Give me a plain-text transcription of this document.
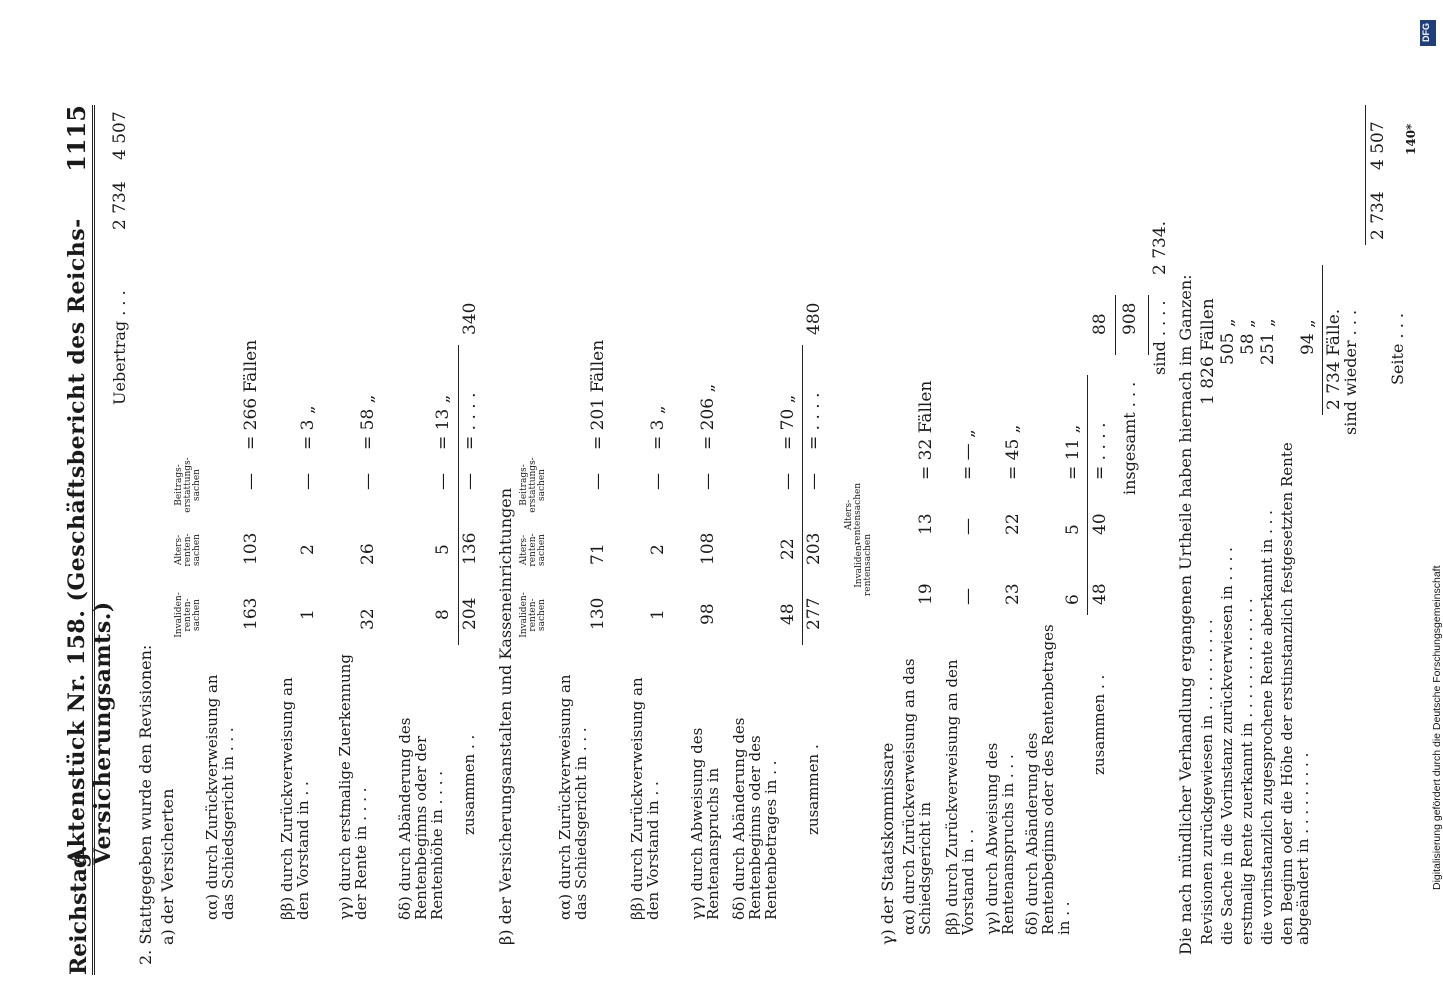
Reichstag.
Aktenstück Nr. 158. (Geschäftsbericht des Reichs-Versicherungsamts.)
1115
Uebertrag . . .
2 734
4 507
2. Stattgegeben wurde den Revisionen: a) der Versicherten
Invaliden- renten- sachen
Alters- renten- sachen
Beitrags- erstattungs- sachen
αα) durch Zurückverweisung an das Schiedsgericht in . . .
163
103
—
= 266 Fällen
ββ) durch Zurückverweisung an den Vorstand in . .
1
2
—
= 3 „
γγ) durch erstmalige Zuerkennung der Rente in . . . .
32
26
—
= 58 „
δδ) durch Abänderung des Rentenbeginns oder der Rentenhöhe in . . . .
8
5
—
= 13 „
zusammen . .
204
136
—
= . . . .
340
β) der Versicherungsanstalten und Kasseneinrichtungen Invaliden- renten- sachen
Alters- renten- sachen
Beitrags- erstattungs- sachen
αα) durch Zurückverweisung an das Schiedsgericht in . . .
130
71
—
= 201 Fällen
ββ) durch Zurückverweisung an den Vorstand in . .
1
2
—
= 3 „
γγ) durch Abweisung des Rentenanspruchs in
98
108
—
= 206 „
δδ) durch Abänderung des Rentenbeginns oder des Rentenbetrages in . .
48
22
—
= 70 „
zusammen .
277
203
—
= . . . .
480
Invaliden- rentensachen
Alters- rentensachen
γ) der Staatskommissare αα) durch Zurückverweisung an das Schiedsgericht in
19
13
= 32 Fällen
ββ) durch Zurückverweisung an den Vorstand in . .
—
—
= — „
γγ) durch Abweisung des Rentenanspruchs in . . .
23
22
= 45 „
δδ) durch Abänderung des Rentenbeginns oder des Rentenbetrages in . .
6
5
= 11 „
zusammen . .
48
40
= . . . .
88
insgesamt . . .
908 sind . . . .
2 734.
Die nach mündlicher Verhandlung ergangenen Urtheile haben hiernach im Ganzen: Revisionen zurückgewiesen in . . . . . . . . . .
1 826 Fällen
die Sache in die Vorinstanz zurückverwiesen in . . . .
505 „
erstmalig Rente zuerkannt in . . . . . . . . . . . . .
58 „
die vorinstanzlich zugesprochene Rente aberkannt in . . .
251 „
den Beginn oder die Höhe der erstinstanzlich festgesetzten Rente abgeändert in . . . . . . . . .
94 „ 2 734 Fälle.
sind wieder . . . Seite . . .
2 734
4 507 140*
DFG
Digitalisierung gefördert durch die Deutsche Forschungsgemeinschaft
